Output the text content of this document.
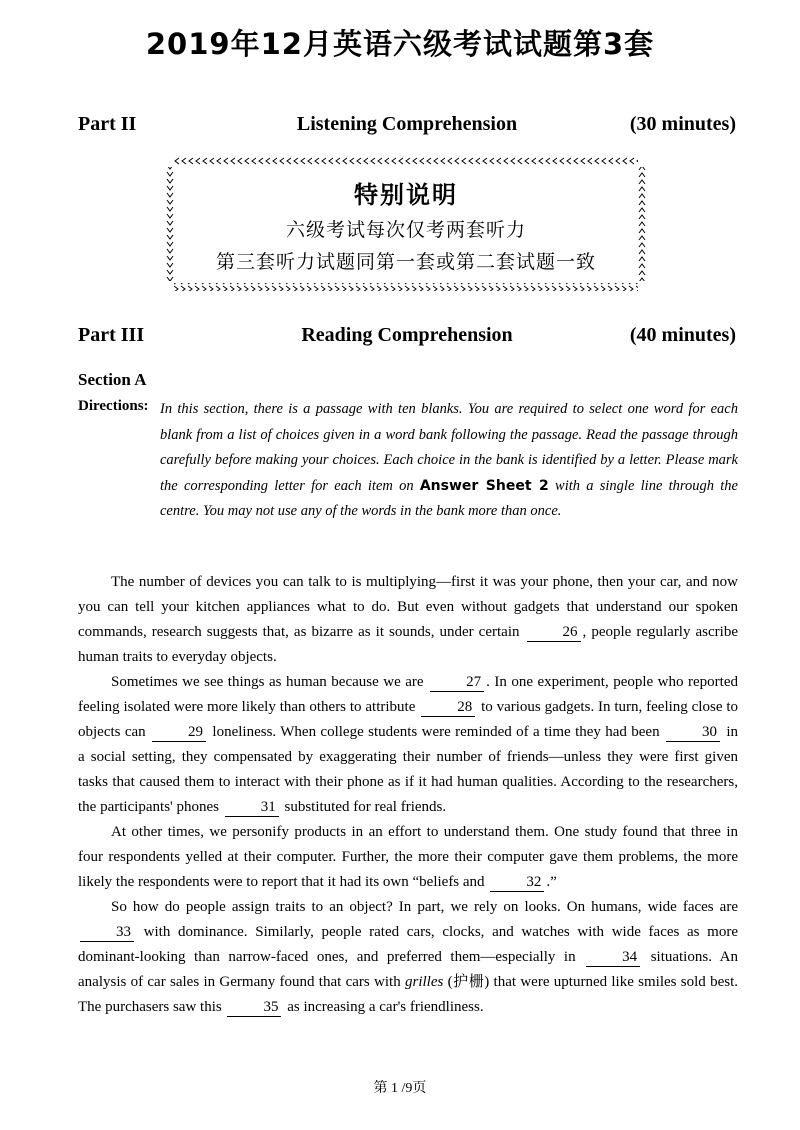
2019年12月英语六级考试试题第3套
Part II	Listening Comprehension	(30 minutes)
特别说明
六级考试每次仅考两套听力
第三套听力试题同第一套或第二套试题一致
Part III	Reading Comprehension	(40 minutes)
Section A
Directions: In this section, there is a passage with ten blanks. You are required to select one word for each blank from a list of choices given in a word bank following the passage. Read the passage through carefully before making your choices. Each choice in the bank is identified by a letter. Please mark the corresponding letter for each item on Answer Sheet 2 with a single line through the centre. You may not use any of the words in the bank more than once.

The number of devices you can talk to is multiplying—first it was your phone, then your car, and now you can tell your kitchen appliances what to do. But even without gadgets that understand our spoken commands, research suggests that, as bizarre as it sounds, under certain	26 , people regularly ascribe human traits to everyday objects.

Sometimes we see things as human because we are	27 . In one experiment, people who reported feeling isolated were more likely than others to attribute	28 to various gadgets. In turn, feeling close to objects can	29 loneliness. When college students were reminded of a time they had been	30 in a social setting, they compensated by exaggerating their number of friends—unless they were first given tasks that caused them to interact with their phone as if it had human qualities. According to the researchers, the participants' phones	31 substituted for real friends.

At other times, we personify products in an effort to understand them. One study found that three in four respondents yelled at their computer. Further, the more their computer gave them problems, the more likely the respondents were to report that it had its own “beliefs and	32 .”

So how do people assign traits to an object? In part, we rely on looks. On humans, wide faces are 33 with dominance. Similarly, people rated cars, clocks, and watches with wide faces as more dominant-looking than narrow-faced ones, and preferred them—especially in	34 situations. An analysis of car sales in Germany found that cars with grilles (护栅) that were upturned like smiles sold best. The purchasers saw this	35 as increasing a car's friendliness.

第 1 /9页
